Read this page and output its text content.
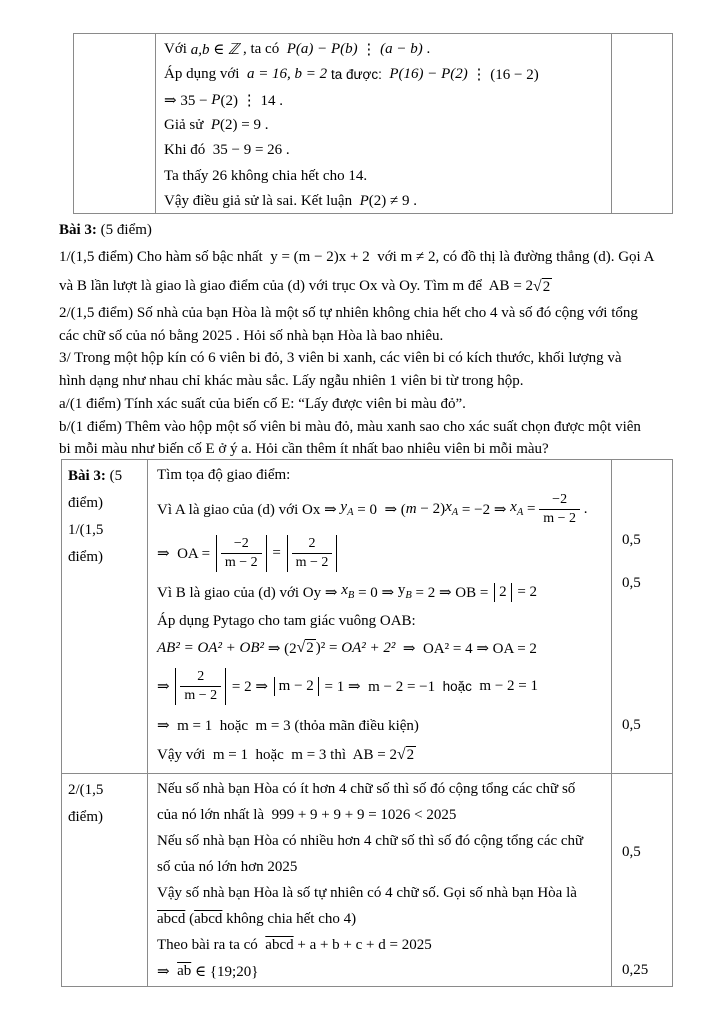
Với a,b ∈ ℤ , ta có P(a) − P(b) ⋮ (a − b) .
Áp dụng với a = 16, b = 2
ta được:
P(16) − P(2) ⋮ (16 − 2)
⇒ 35 − P (2) ⋮ 14 .
Giả sử P (2) = 9 .
Khi đó  35 − 9 = 26 .
Ta thấy 26 không chia hết cho 14.
Vậy điều giả sử là sai. Kết luận P (2) ≠ 9 .
Bài 3: (5 điểm)
1/(1,5 điểm) Cho hàm số bậc nhất  y = (m − 2)x + 2  với m ≠ 2, có đồ thị là đường thẳng (d). Gọi A
và B lần lượt là giao là giao điểm của (d) với trục Ox và Oy. Tìm m để  AB = 2 √2
2/(1,5 điểm) Số nhà của bạn Hòa là một số tự nhiên không chia hết cho 4 và số đó cộng với tổng
các chữ số của nó bằng 2025 . Hỏi số nhà bạn Hòa là bao nhiêu.
3/ Trong một hộp kín có 6 viên bi đỏ, 3 viên bi xanh, các viên bi có kích thước, khối lượng và
hình dạng như nhau chỉ khác màu sắc. Lấy ngẫu nhiên 1 viên bi từ trong hộp.
a/(1 điểm) Tính xác suất của biến cố E: “Lấy được viên bi màu đỏ”.
b/(1 điểm) Thêm vào hộp một số viên bi màu đỏ, màu xanh sao cho xác suất chọn được một viên
bi mỗi màu như biến cố E ở ý a. Hỏi cần thêm ít nhất bao nhiêu viên bi mỗi màu?
Bài 3: (5
điểm)
1/(1,5
điểm)
Tìm tọa độ giao điểm:
Vì A là giao của (d) với Ox ⇒ $y_A = 0$  ⇒ ( m − 2) $x_A = -2$ ⇒ $x_A = \frac{-2}{m - 2}$ .
⇒  OA = $\frac{-2}{m - 2} = \frac{2}{m - 2}$
Vì B là giao của (d) với Oy ⇒ $x_B = 0$ ⇒ $y_B = 2$ ⇒ OB = 2 = 2
Áp dụng Pytago cho tam giác vuông OAB:
AB² = OA² + OB² ⇒ (2 √2 )² = OA² + 2² ⇒  OA² = 4 ⇒ OA = 2
⇒ $\frac{2}{m - 2} = 2$ ⇒ m − 2 = 1 ⇒  m − 2 = −1 hoặc m − 2 = 1
⇒  m = 1  hoặc  m = 3 (thỏa mãn điều kiện)
Vậy với  m = 1  hoặc  m = 3 thì  AB = 2 √2
0,5
0,5
0,5
2/(1,5
điểm)
Nếu số nhà bạn Hòa có ít hơn 4 chữ số thì số đó cộng tổng các chữ số
của nó lớn nhất là  999 + 9 + 9 + 9 = 1026 < 2025
Nếu số nhà bạn Hòa có nhiều hơn 4 chữ số thì số đó cộng tổng các chữ
số của nó lớn hơn 2025
Vậy số nhà bạn Hòa là số tự nhiên có 4 chữ số. Gọi số nhà bạn Hòa là
abcd ( abcd không chia hết cho 4)
Theo bài ra ta có abcd + a + b + c + d = 2025
⇒ $\overline{ab}$ ∈ {19;20}
0,5
0,25
